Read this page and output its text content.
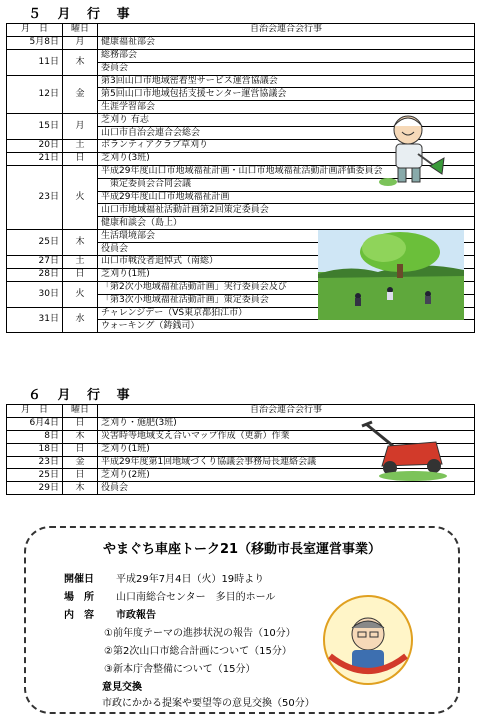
５ 月 行 事
月　日	曜日	自治会連合会行事
5月8日	月	健康福祉部会
11日	木	総務部会
		委員会
12日	金	第3回山口市地域密着型サービス運営協議会
		第5回山口市地域包括支援センター運営協議会
		生涯学習部会
15日	月	芝刈り 有志
		山口市自治会連合会総会
20日	土	ボランティアクラブ草刈り
21日	日	芝刈り(3班)
23日	火	平成29年度山口市地域福祉計画・山口市地域福祉活動計画評価委員会
		　策定委員会合同会議
		平成29年度山口市地域福祉計画
		山口市地域福祉活動計画第2回策定委員会
		健康和談会（島上）
25日	木	生活環境部会
		役員会
27日	土	山口市戦没者追悼式（南総）
28日	日	芝刈り(1班)
30日	火	「第2次小地域福祉活動計画」実行委員会及び
		「第3次小地域福祉活動計画」策定委員会
31日	水	チャレンジデー（VS東京都狛江市）
		ウォーキング（鋳銭司）
６ 月 行 事
月　日	曜日	自治会連合会行事
6月4日	日	芝刈り・施肥(3班)
8日	木	災害時等地域支え合いマップ作成（更新）作業
18日	日	芝刈り(1班)
23日	金	平成29年度第1回地域づくり協議会事務局長連絡会議
25日	日	芝刈り(2班)
29日	木	役員会
やまぐち車座トーク21（移動市長室運営事業）
開催日 平成29年7月4日（火）19時より
場　所 山口南総合センター　多目的ホール
内　容 市政報告
①前年度テーマの進捗状況の報告（10分）
②第2次山口市総合計画について（15分）
③新本庁舎整備について（15分）
意見交換
市政にかかる提案や要望等の意見交換（50分）
